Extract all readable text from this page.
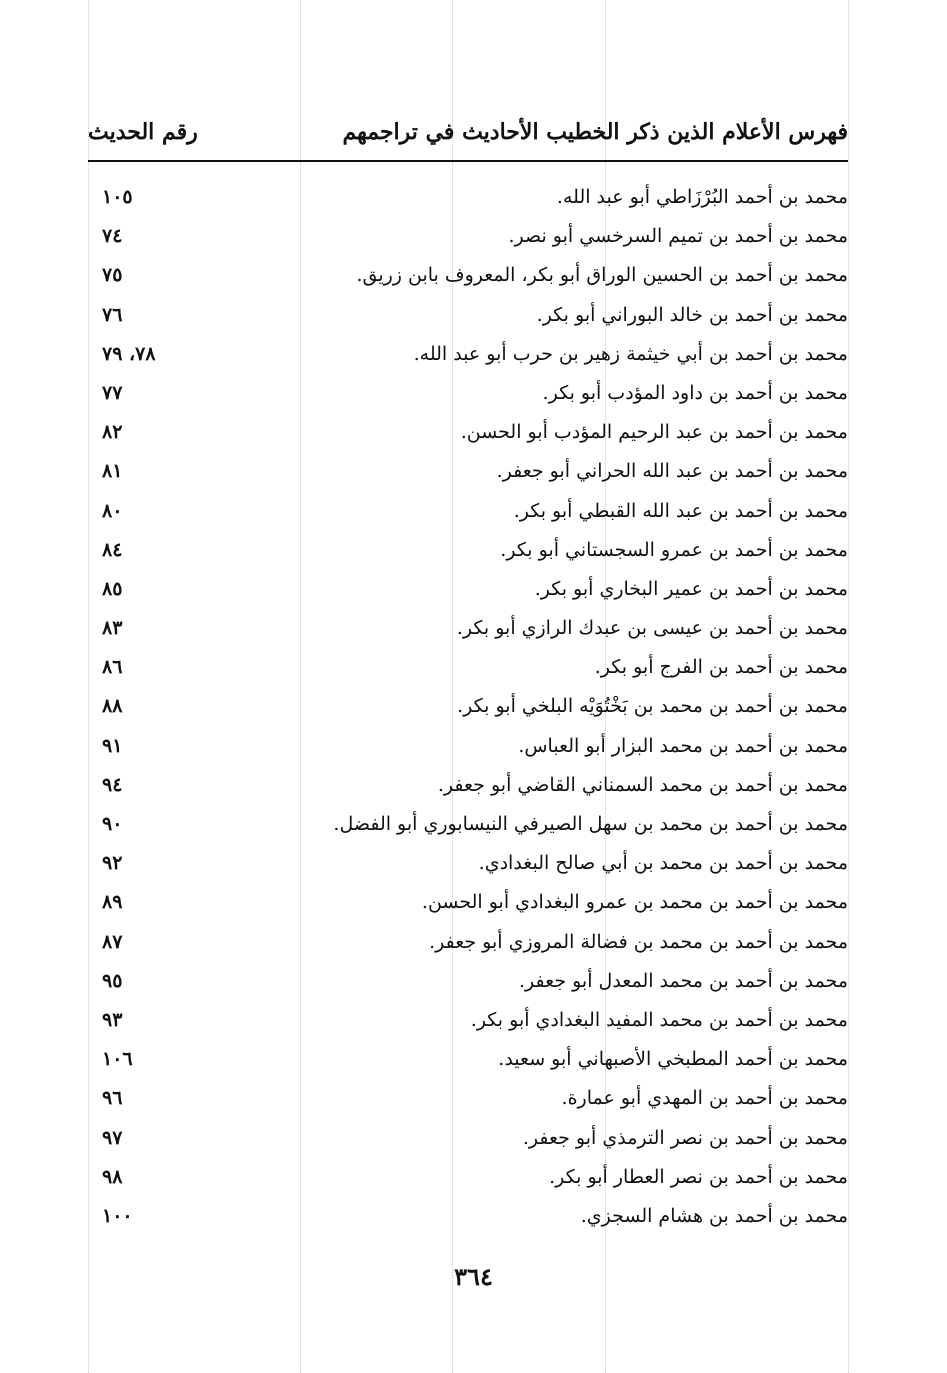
فهرس الأعلام الذين ذكر الخطيب الأحاديث في تراجمهم
رقم الحديث
محمد بن أحمد البُرْزَاطي أبو عبد الله.
١٠٥
محمد بن أحمد بن تميم السرخسي أبو نصر.
٧٤
محمد بن أحمد بن الحسين الوراق أبو بكر، المعروف بابن زريق.
٧٥
محمد بن أحمد بن خالد البوراني أبو بكر.
٧٦
محمد بن أحمد بن أبي خيثمة زهير بن حرب أبو عبد الله.
٧٨، ٧٩
محمد بن أحمد بن داود المؤدب أبو بكر.
٧٧
محمد بن أحمد بن عبد الرحيم المؤدب أبو الحسن.
٨٢
محمد بن أحمد بن عبد الله الحراني أبو جعفر.
٨١
محمد بن أحمد بن عبد الله القبطي أبو بكر.
٨٠
محمد بن أحمد بن عمرو السجستاني أبو بكر.
٨٤
محمد بن أحمد بن عمير البخاري أبو بكر.
٨٥
محمد بن أحمد بن عيسى بن عبدك الرازي أبو بكر.
٨٣
محمد بن أحمد بن الفرج أبو بكر.
٨٦
محمد بن أحمد بن محمد بن بَخْتُوَيْه البلخي أبو بكر.
٨٨
محمد بن أحمد بن محمد البزار أبو العباس.
٩١
محمد بن أحمد بن محمد السمناني القاضي أبو جعفر.
٩٤
محمد بن أحمد بن محمد بن سهل الصيرفي النيسابوري أبو الفضل.
٩٠
محمد بن أحمد بن محمد بن أبي صالح البغدادي.
٩٢
محمد بن أحمد بن محمد بن عمرو البغدادي أبو الحسن.
٨٩
محمد بن أحمد بن محمد بن فضالة المروزي أبو جعفر.
٨٧
محمد بن أحمد بن محمد المعدل أبو جعفر.
٩٥
محمد بن أحمد بن محمد المفيد البغدادي أبو بكر.
٩٣
محمد بن أحمد المطبخي الأصبهاني أبو سعيد.
١٠٦
محمد بن أحمد بن المهدي أبو عمارة.
٩٦
محمد بن أحمد بن نصر الترمذي أبو جعفر.
٩٧
محمد بن أحمد بن نصر العطار أبو بكر.
٩٨
محمد بن أحمد بن هشام السجزي.
١٠٠
٣٦٤
